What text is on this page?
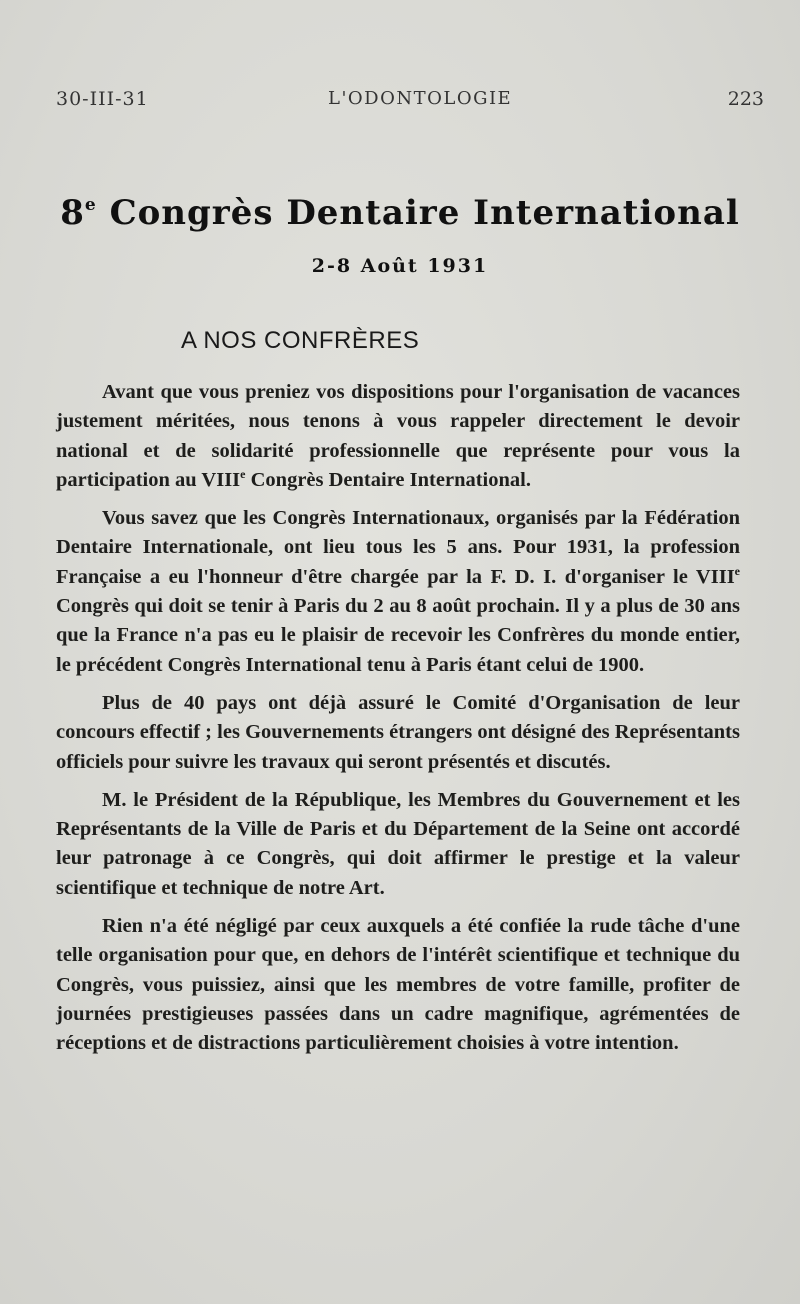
30-III-31	L'ODONTOLOGIE	223
8e Congrès Dentaire International
2-8 Août 1931
A NOS CONFRÈRES

Avant que vous preniez vos dispositions pour l'organisation de vacances justement méritées, nous tenons à vous rappeler directement le devoir national et de solidarité professionnelle que représente pour vous la participation au VIIIe Congrès Dentaire International.

Vous savez que les Congrès Internationaux, organisés par la Fédération Dentaire Internationale, ont lieu tous les 5 ans. Pour 1931, la profession Française a eu l'honneur d'être chargée par la F. D. I. d'organiser le VIIIe Congrès qui doit se tenir à Paris du 2 au 8 août prochain. Il y a plus de 30 ans que la France n'a pas eu le plaisir de recevoir les Confrères du monde entier, le précédent Congrès International tenu à Paris étant celui de 1900.

Plus de 40 pays ont déjà assuré le Comité d'Organisation de leur concours effectif ; les Gouvernements étrangers ont désigné des Représentants officiels pour suivre les travaux qui seront présentés et discutés.

M. le Président de la République, les Membres du Gouvernement et les Représentants de la Ville de Paris et du Département de la Seine ont accordé leur patronage à ce Congrès, qui doit affirmer le prestige et la valeur scientifique et technique de notre Art.

Rien n'a été négligé par ceux auxquels a été confiée la rude tâche d'une telle organisation pour que, en dehors de l'intérêt scientifique et technique du Congrès, vous puissiez, ainsi que les membres de votre famille, profiter de journées prestigieuses passées dans un cadre magnifique, agrémentées de réceptions et de distractions particulièrement choisies à votre intention.
